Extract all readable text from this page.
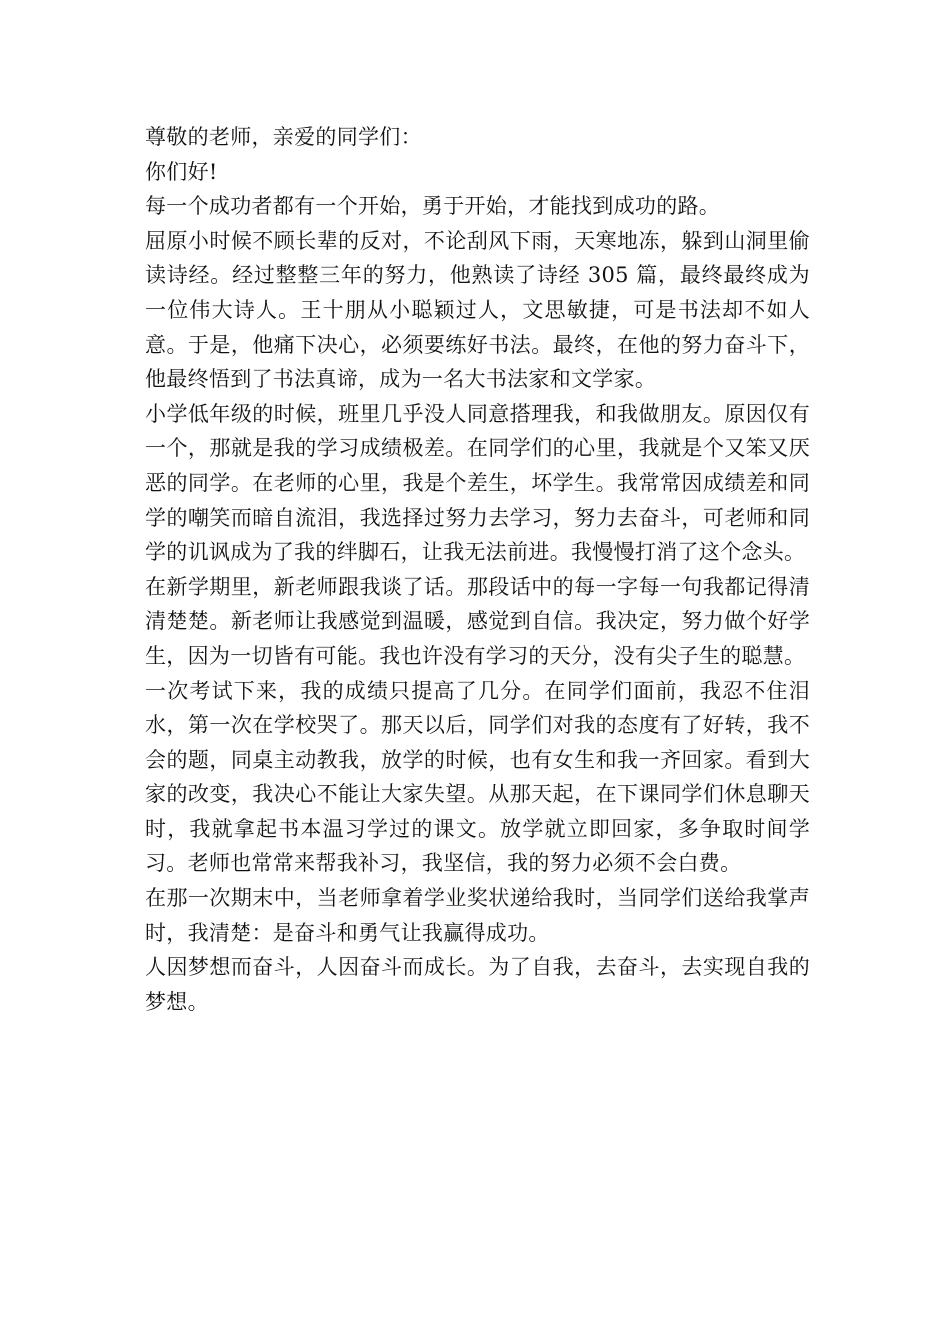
尊敬的老师，亲爱的同学们：

你们好!

每一个成功者都有一个开始，勇于开始，才能找到成功的路。

屈原小时候不顾长辈的反对，不论刮风下雨，天寒地冻，躲到山洞里偷读诗经。经过整整三年的努力，他熟读了诗经 305 篇，最终最终成为一位伟大诗人。王十朋从小聪颖过人，文思敏捷，可是书法却不如人意。于是，他痛下决心，必须要练好书法。最终，在他的努力奋斗下，他最终悟到了书法真谛，成为一名大书法家和文学家。

小学低年级的时候，班里几乎没人同意搭理我，和我做朋友。原因仅有一个，那就是我的学习成绩极差。在同学们的心里，我就是个又笨又厌恶的同学。在老师的心里，我是个差生，坏学生。我常常因成绩差和同学的嘲笑而暗自流泪，我选择过努力去学习，努力去奋斗，可老师和同学的讥讽成为了我的绊脚石，让我无法前进。我慢慢打消了这个念头。

在新学期里，新老师跟我谈了话。那段话中的每一字每一句我都记得清清楚楚。新老师让我感觉到温暖，感觉到自信。我决定，努力做个好学生，因为一切皆有可能。我也许没有学习的天分，没有尖子生的聪慧。

一次考试下来，我的成绩只提高了几分。在同学们面前，我忍不住泪水，第一次在学校哭了。那天以后，同学们对我的态度有了好转，我不会的题，同桌主动教我，放学的时候，也有女生和我一齐回家。看到大家的改变，我决心不能让大家失望。从那天起，在下课同学们休息聊天时，我就拿起书本温习学过的课文。放学就立即回家，多争取时间学习。老师也常常来帮我补习，我坚信，我的努力必须不会白费。

在那一次期末中，当老师拿着学业奖状递给我时，当同学们送给我掌声时，我清楚：是奋斗和勇气让我赢得成功。

人因梦想而奋斗，人因奋斗而成长。为了自我，去奋斗，去实现自我的梦想。
